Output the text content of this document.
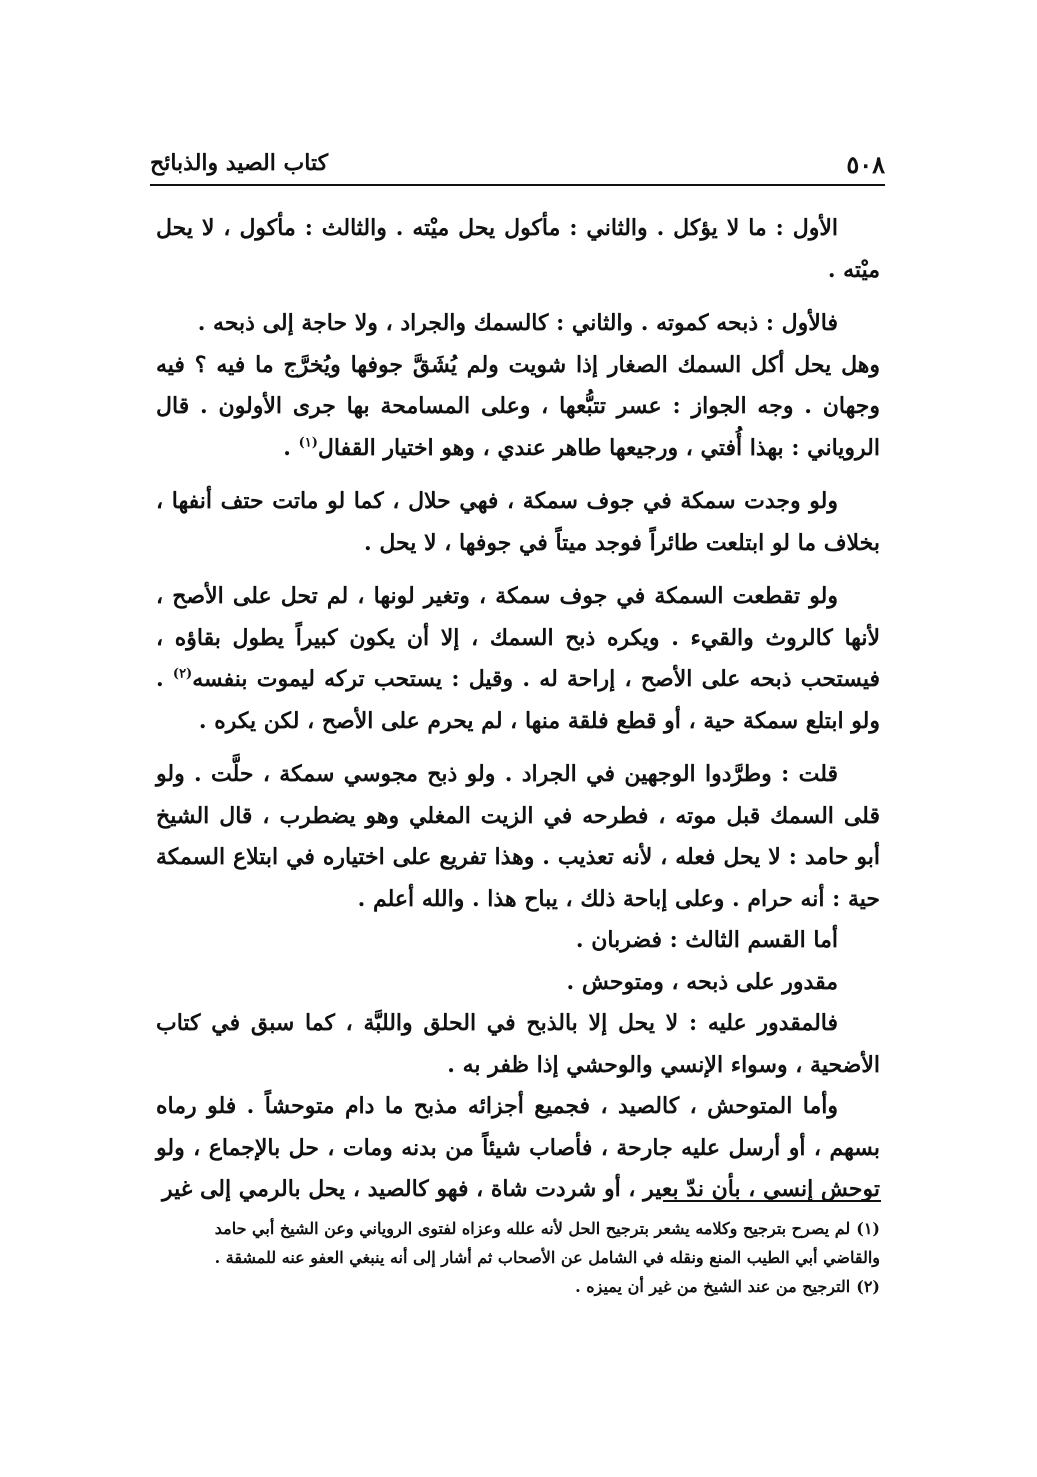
٥٠٨
كتاب الصيد والذبائح

الأول : ما لا يؤكل . والثاني : مأكول يحل ميْته . والثالث : مأكول ، لا يحل ميْته .

فالأول : ذبحه كموته . والثاني : كالسمك والجراد ، ولا حاجة إلى ذبحه .

وهل يحل أكل السمك الصغار إذا شويت ولم يُشَقَّ جوفها ويُخرَّج ما فيه ؟ فيه وجهان . وجه الجواز : عسر تتبُّعها ، وعلى المسامحة بها جرى الأولون . قال الروياني : بهذا أُفتي ، ورجيعها طاهر عندي ، وهو اختيار القفال$^{(١)}$ .

ولو وجدت سمكة في جوف سمكة ، فهي حلال ، كما لو ماتت حتف أنفها ، بخلاف ما لو ابتلعت طائراً فوجد ميتاً في جوفها ، لا يحل .

ولو تقطعت السمكة في جوف سمكة ، وتغير لونها ، لم تحل على الأصح ، لأنها كالروث والقيء . ويكره ذبح السمك ، إلا أن يكون كبيراً يطول بقاؤه ، فيستحب ذبحه على الأصح ، إراحة له . وقيل : يستحب تركه ليموت بنفسه$^{(٢)}$ . ولو ابتلع سمكة حية ، أو قطع فلقة منها ، لم يحرم على الأصح ، لكن يكره .

قلت : وطرَّدوا الوجهين في الجراد . ولو ذبح مجوسي سمكة ، حلَّت . ولو قلى السمك قبل موته ، فطرحه في الزيت المغلي وهو يضطرب ، قال الشيخ أبو حامد : لا يحل فعله ، لأنه تعذيب . وهذا تفريع على اختياره في ابتلاع السمكة حية : أنه حرام . وعلى إباحة ذلك ، يباح هذا . والله أعلم .

أما القسم الثالث : فضربان .

مقدور على ذبحه ، ومتوحش .

فالمقدور عليه : لا يحل إلا بالذبح في الحلق واللبَّة ، كما سبق في كتاب الأضحية ، وسواء الإنسي والوحشي إذا ظفر به .

وأما المتوحش ، كالصيد ، فجميع أجزائه مذبح ما دام متوحشاً . فلو رماه بسهم ، أو أرسل عليه جارحة ، فأصاب شيئاً من بدنه ومات ، حل بالإجماع ، ولو توحش إنسي ، بأن ندّ بعير ، أو شردت شاة ، فهو كالصيد ، يحل بالرمي إلى غير

(١)لم يصرح بترجيح وكلامه يشعر بترجيح الحل لأنه علله وعزاه لفتوى الروياني وعن الشيخ أبي حامد والقاضي أبي الطيب المنع ونقله في الشامل عن الأصحاب ثم أشار إلى أنه ينبغي العفو عنه للمشقة .

(٢)الترجيح من عند الشيخ من غير أن يميزه .
